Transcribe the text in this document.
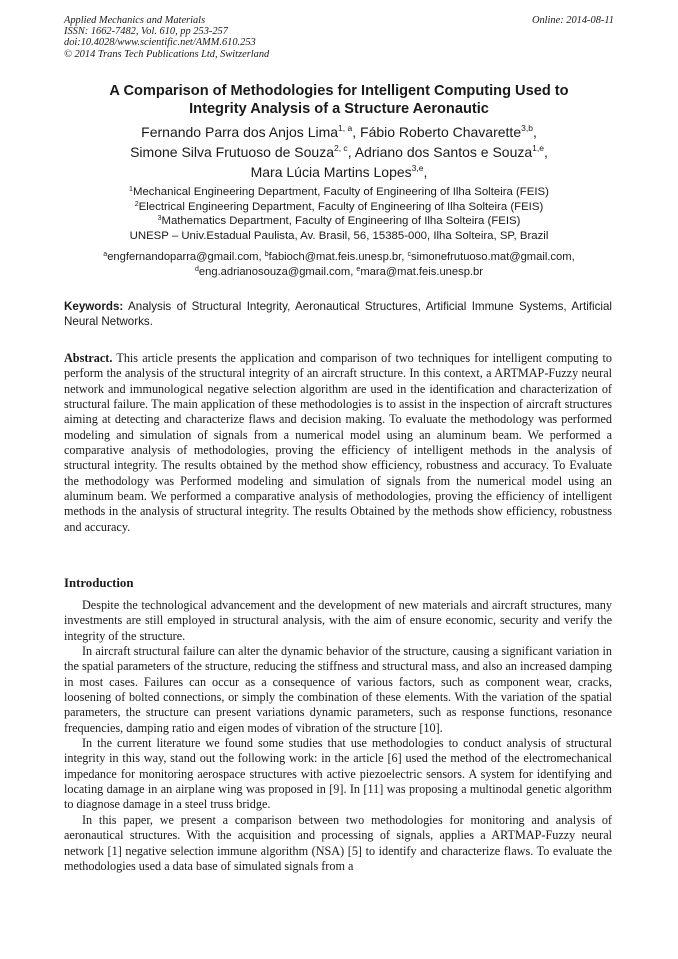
Applied Mechanics and Materials
ISSN: 1662-7482, Vol. 610, pp 253-257
doi:10.4028/www.scientific.net/AMM.610.253
© 2014 Trans Tech Publications Ltd, Switzerland
Online: 2014-08-11
A Comparison of Methodologies for Intelligent Computing Used to
Integrity Analysis of a Structure Aeronautic
Fernando Parra dos Anjos Lima$^{1, a}$, Fábio Roberto Chavarette$^{3,b}$,
Simone Silva Frutuoso de Souza$^{2, c}$, Adriano dos Santos e Souza$^{1,e}$,
Mara Lúcia Martins Lopes$^{3,e}$,
$^1$Mechanical Engineering Department, Faculty of Engineering of Ilha Solteira (FEIS)
$^2$Electrical Engineering Department, Faculty of Engineering of Ilha Solteira (FEIS)
$^3$Mathematics Department, Faculty of Engineering of Ilha Solteira (FEIS)
UNESP – Univ.Estadual Paulista, Av. Brasil, 56, 15385-000, Ilha Solteira, SP, Brazil
$^a$engfernandoparra@gmail.com, $^b$fabioch@mat.feis.unesp.br, $^c$simonefrutuoso.mat@gmail.com,
$^d$eng.adrianosouza@gmail.com, $^e$mara@mat.feis.unesp.br
Keywords: Analysis of Structural Integrity, Aeronautical Structures, Artificial Immune Systems, Artificial Neural Networks.
Abstract. This article presents the application and comparison of two techniques for intelligent computing to perform the analysis of the structural integrity of an aircraft structure. In this context, a ARTMAP-Fuzzy neural network and immunological negative selection algorithm are used in the identification and characterization of structural failure. The main application of these methodologies is to assist in the inspection of aircraft structures aiming at detecting and characterize flaws and decision making. To evaluate the methodology was performed modeling and simulation of signals from a numerical model using an aluminum beam. We performed a comparative analysis of methodologies, proving the efficiency of intelligent methods in the analysis of structural integrity. The results obtained by the method show efficiency, robustness and accuracy. To Evaluate the methodology was Performed modeling and simulation of signals from the numerical model using an aluminum beam. We performed a comparative analysis of methodologies, proving the efficiency of intelligent methods in the analysis of structural integrity. The results Obtained by the methods show efficiency, robustness and accuracy.
Introduction

Despite the technological advancement and the development of new materials and aircraft structures, many investments are still employed in structural analysis, with the aim of ensure economic, security and verify the integrity of the structure.

In aircraft structural failure can alter the dynamic behavior of the structure, causing a significant variation in the spatial parameters of the structure, reducing the stiffness and structural mass, and also an increased damping in most cases. Failures can occur as a consequence of various factors, such as component wear, cracks, loosening of bolted connections, or simply the combination of these elements. With the variation of the spatial parameters, the structure can present variations dynamic parameters, such as response functions, resonance frequencies, damping ratio and eigen modes of vibration of the structure [10].

In the current literature we found some studies that use methodologies to conduct analysis of structural integrity in this way, stand out the following work: in the article [6] used the method of the electromechanical impedance for monitoring aerospace structures with active piezoelectric sensors. A system for identifying and locating damage in an airplane wing was proposed in [9]. In [11] was proposing a multinodal genetic algorithm to diagnose damage in a steel truss bridge.

In this paper, we present a comparison between two methodologies for monitoring and analysis of aeronautical structures. With the acquisition and processing of signals, applies a ARTMAP-Fuzzy neural network [1] negative selection immune algorithm (NSA) [5] to identify and characterize flaws. To evaluate the methodologies used a data base of simulated signals from a
